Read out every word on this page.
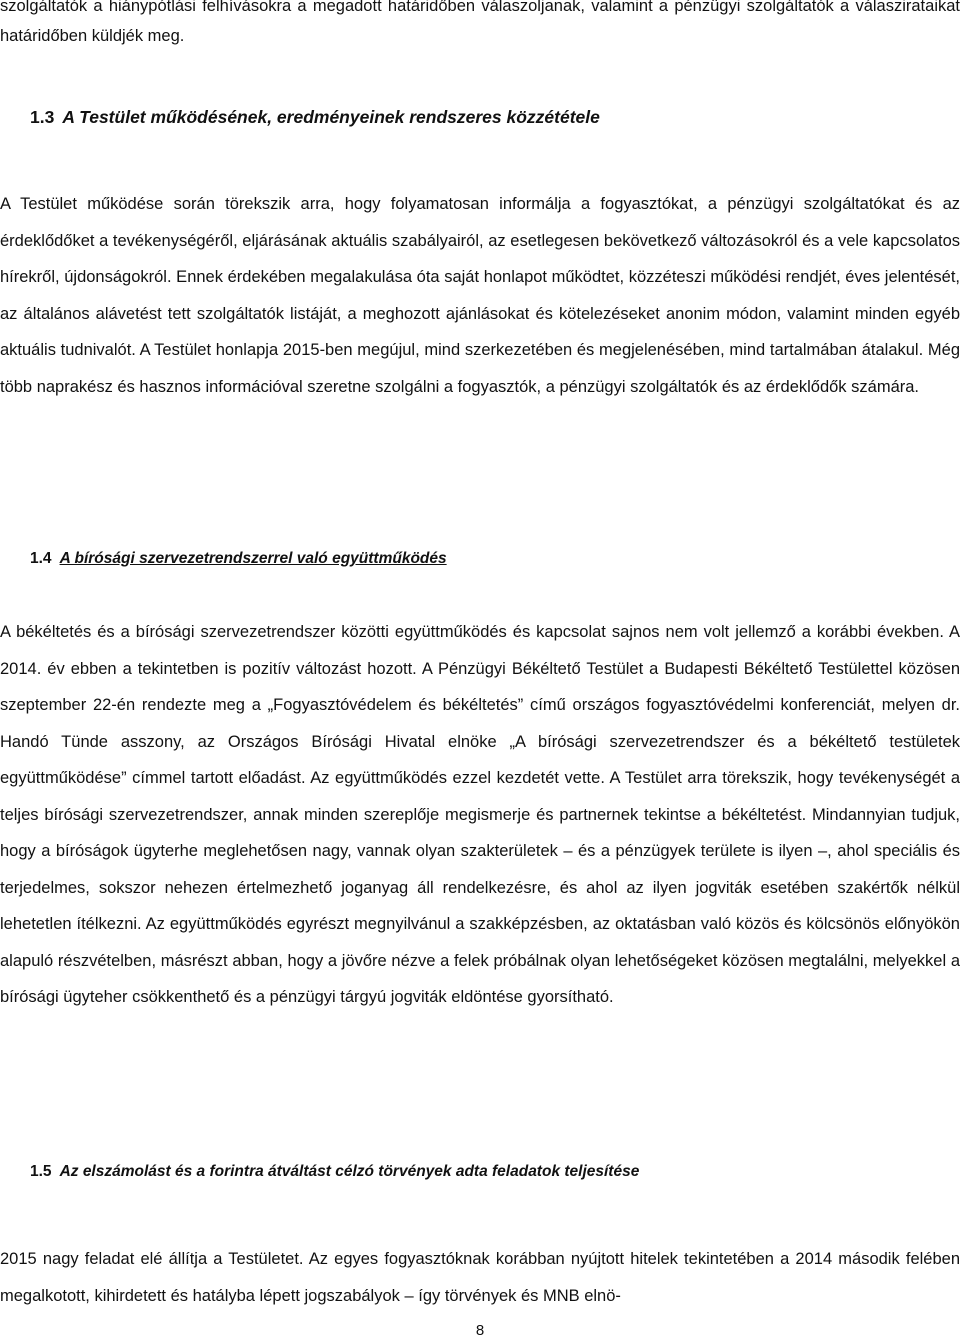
szolgáltatók a hiánypótlási felhívásokra a megadott határidőben válaszoljanak, valamint a pénzügyi szolgáltatók a válaszirataikat határidőben küldjék meg.

1.3 A Testület működésének, eredményeinek rendszeres közzététele

A Testület működése során törekszik arra, hogy folyamatosan informálja a fogyasztókat, a pénzügyi szolgáltatókat és az érdeklődőket a tevékenységéről, eljárásának aktuális szabályairól, az esetlegesen bekövetkező változásokról és a vele kapcsolatos hírekről, újdonságokról. Ennek érdekében megalakulása óta saját honlapot működtet, közzéteszi működési rendjét, éves jelentését, az általános alávetést tett szolgáltatók listáját, a meghozott ajánlásokat és kötelezéseket anonim módon, valamint minden egyéb aktuális tudnivalót. A Testület honlapja 2015-ben megújul, mind szerkezetében és megjelenésében, mind tartalmában átalakul. Még több naprakész és hasznos információval szeretne szolgálni a fogyasztók, a pénzügyi szolgáltatók és az érdeklődők számára.

1.4 A bírósági szervezetrendszerrel való együttműködés

A békéltetés és a bírósági szervezetrendszer közötti együttműködés és kapcsolat sajnos nem volt jellemző a korábbi években. A 2014. év ebben a tekintetben is pozitív változást hozott. A Pénzügyi Békéltető Testület a Budapesti Békéltető Testülettel közösen szeptember 22-én rendezte meg a „Fogyasztóvédelem és békéltetés” című országos fogyasztóvédelmi konferenciát, melyen dr. Handó Tünde asszony, az Országos Bírósági Hivatal elnöke „A bírósági szervezetrendszer és a békéltető testületek együttműködése” címmel tartott előadást. Az együttműködés ezzel kezdetét vette. A Testület arra törekszik, hogy tevékenységét a teljes bírósági szervezetrendszer, annak minden szereplője megismerje és partnernek tekintse a békéltetést. Mindannyian tudjuk, hogy a bíróságok ügyterhe meglehetősen nagy, vannak olyan szakterületek – és a pénzügyek területe is ilyen –, ahol speciális és terjedelmes, sokszor nehezen értelmezhető joganyag áll rendelkezésre, és ahol az ilyen jogviták esetében szakértők nélkül lehetetlen ítélkezni. Az együttműködés egyrészt megnyilvánul a szakképzésben, az oktatásban való közös és kölcsönös előnyökön alapuló részvételben, másrészt abban, hogy a jövőre nézve a felek próbálnak olyan lehetőségeket közösen megtalálni, melyekkel a bírósági ügyteher csökkenthető és a pénzügyi tárgyú jogviták eldöntése gyorsítható.

1.5 Az elszámolást és a forintra átváltást célzó törvények adta feladatok teljesítése

2015 nagy feladat elé állítja a Testületet. Az egyes fogyasztóknak korábban nyújtott hitelek tekintetében a 2014 második felében megalkotott, kihirdetett és hatályba lépett jogszabályok – így törvények és MNB elnö-

8
